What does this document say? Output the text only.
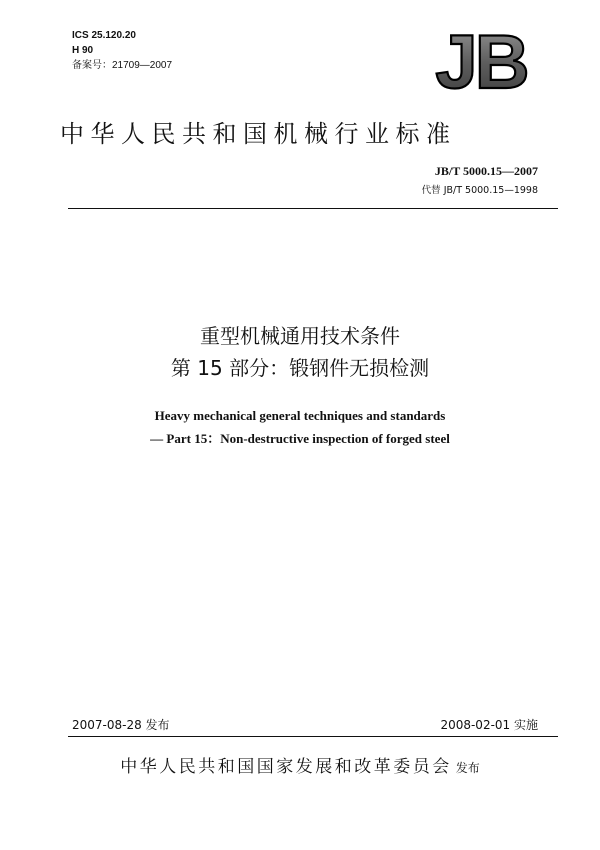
ICS 25.120.20
H 90
备案号：21709—2007	JB
中华人民共和国机械行业标准
JB/T 5000.15—2007
代替 JB/T 5000.15—1998
重型机械通用技术条件
第 15 部分：锻钢件无损检测
Heavy mechanical general techniques and standards
— Part 15：Non-destructive inspection of forged steel
2007-08-28 发布	2008-02-01 实施
中华人民共和国国家发展和改革委员会 发布
